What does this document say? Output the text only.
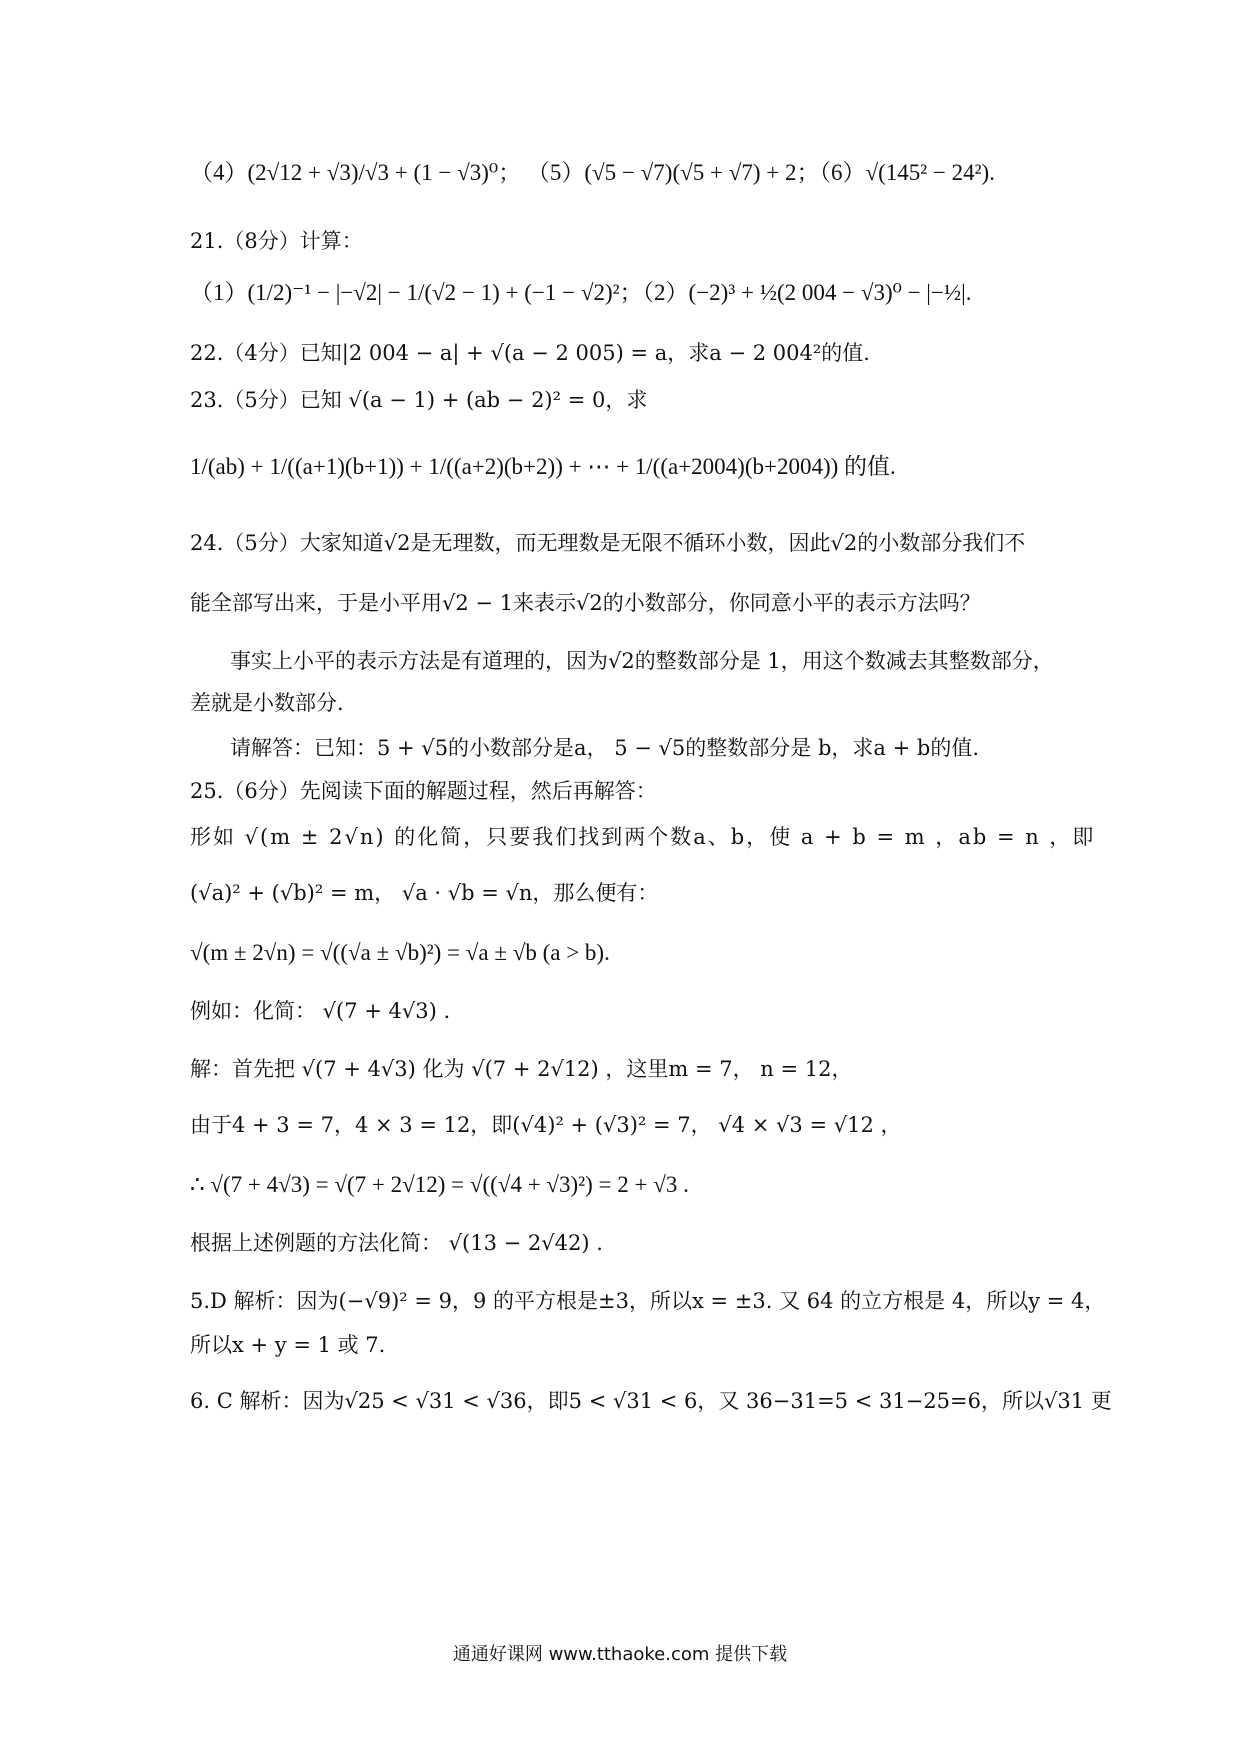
（4）(2√12 + √3)/√3 + (1 − √3)⁰； （5）(√5 − √7)(√5 + √7) + 2；（6）√(145² − 24²).
21.（8分）计算：
（1）(1/2)⁻¹ − |−√2| − 1/(√2 − 1) + (−1 − √2)²；（2）(−2)³ + ½(2 004 − √3)⁰ − |−½|.
22.（4分）已知|2 004 − a| + √(a − 2 005) = a，求a − 2 004²的值.
23.（5分）已知 √(a − 1) + (ab − 2)² = 0，求
1/(ab) + 1/((a+1)(b+1)) + 1/((a+2)(b+2)) + ⋯ + 1/((a+2004)(b+2004)) 的值.
24.（5分）大家知道√2是无理数，而无理数是无限不循环小数，因此√2的小数部分我们不
能全部写出来，于是小平用√2 − 1来表示√2的小数部分，你同意小平的表示方法吗？
事实上小平的表示方法是有道理的，因为√2的整数部分是 1，用这个数减去其整数部分，
差就是小数部分.
请解答：已知：5 + √5的小数部分是a， 5 − √5的整数部分是 b，求a + b的值.
25.（6分）先阅读下面的解题过程，然后再解答：
形如 √(m ± 2√n) 的化简，只要我们找到两个数a、b，使 a + b = m ，ab = n ，即
(√a)² + (√b)² = m， √a · √b = √n，那么便有：
√(m ± 2√n) = √((√a ± √b)²) = √a ± √b (a > b).
例如：化简： √(7 + 4√3) .
解：首先把 √(7 + 4√3) 化为 √(7 + 2√12) ，这里m = 7， n = 12，
由于4 + 3 = 7，4 × 3 = 12，即(√4)² + (√3)² = 7， √4 × √3 = √12 ，
∴ √(7 + 4√3) = √(7 + 2√12) = √((√4 + √3)²) = 2 + √3 .
根据上述例题的方法化简： √(13 − 2√42) .
5.D 解析：因为(−√9)² = 9，9 的平方根是±3，所以x = ±3. 又 64 的立方根是 4，所以y = 4，
所以x + y = 1 或 7.
6. C 解析：因为√25 < √31 < √36，即5 < √31 < 6，又 36−31=5 < 31−25=6，所以√31 更
通通好课网 www.tthaoke.com 提供下载
